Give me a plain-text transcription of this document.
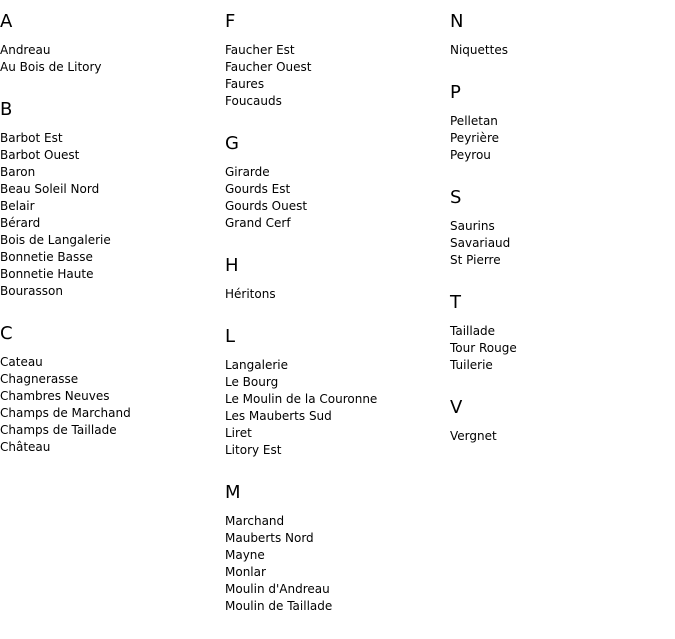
A
Andreau
Au Bois de Litory
B
Barbot Est
Barbot Ouest
Baron
Beau Soleil Nord
Belair
Bérard
Bois de Langalerie
Bonnetie Basse
Bonnetie Haute
Bourasson
C
Cateau
Chagnerasse
Chambres Neuves
Champs de Marchand
Champs de Taillade
Château
F
Faucher Est
Faucher Ouest
Faures
Foucauds
G
Girarde
Gourds Est
Gourds Ouest
Grand Cerf
H
Héritons
L
Langalerie
Le Bourg
Le Moulin de la Couronne
Les Mauberts Sud
Liret
Litory Est
M
Marchand
Mauberts Nord
Mayne
Monlar
Moulin d'Andreau
Moulin de Taillade
N
Niquettes
P
Pelletan
Peyrière
Peyrou
S
Saurins
Savariaud
St Pierre
T
Taillade
Tour Rouge
Tuilerie
V
Vergnet
